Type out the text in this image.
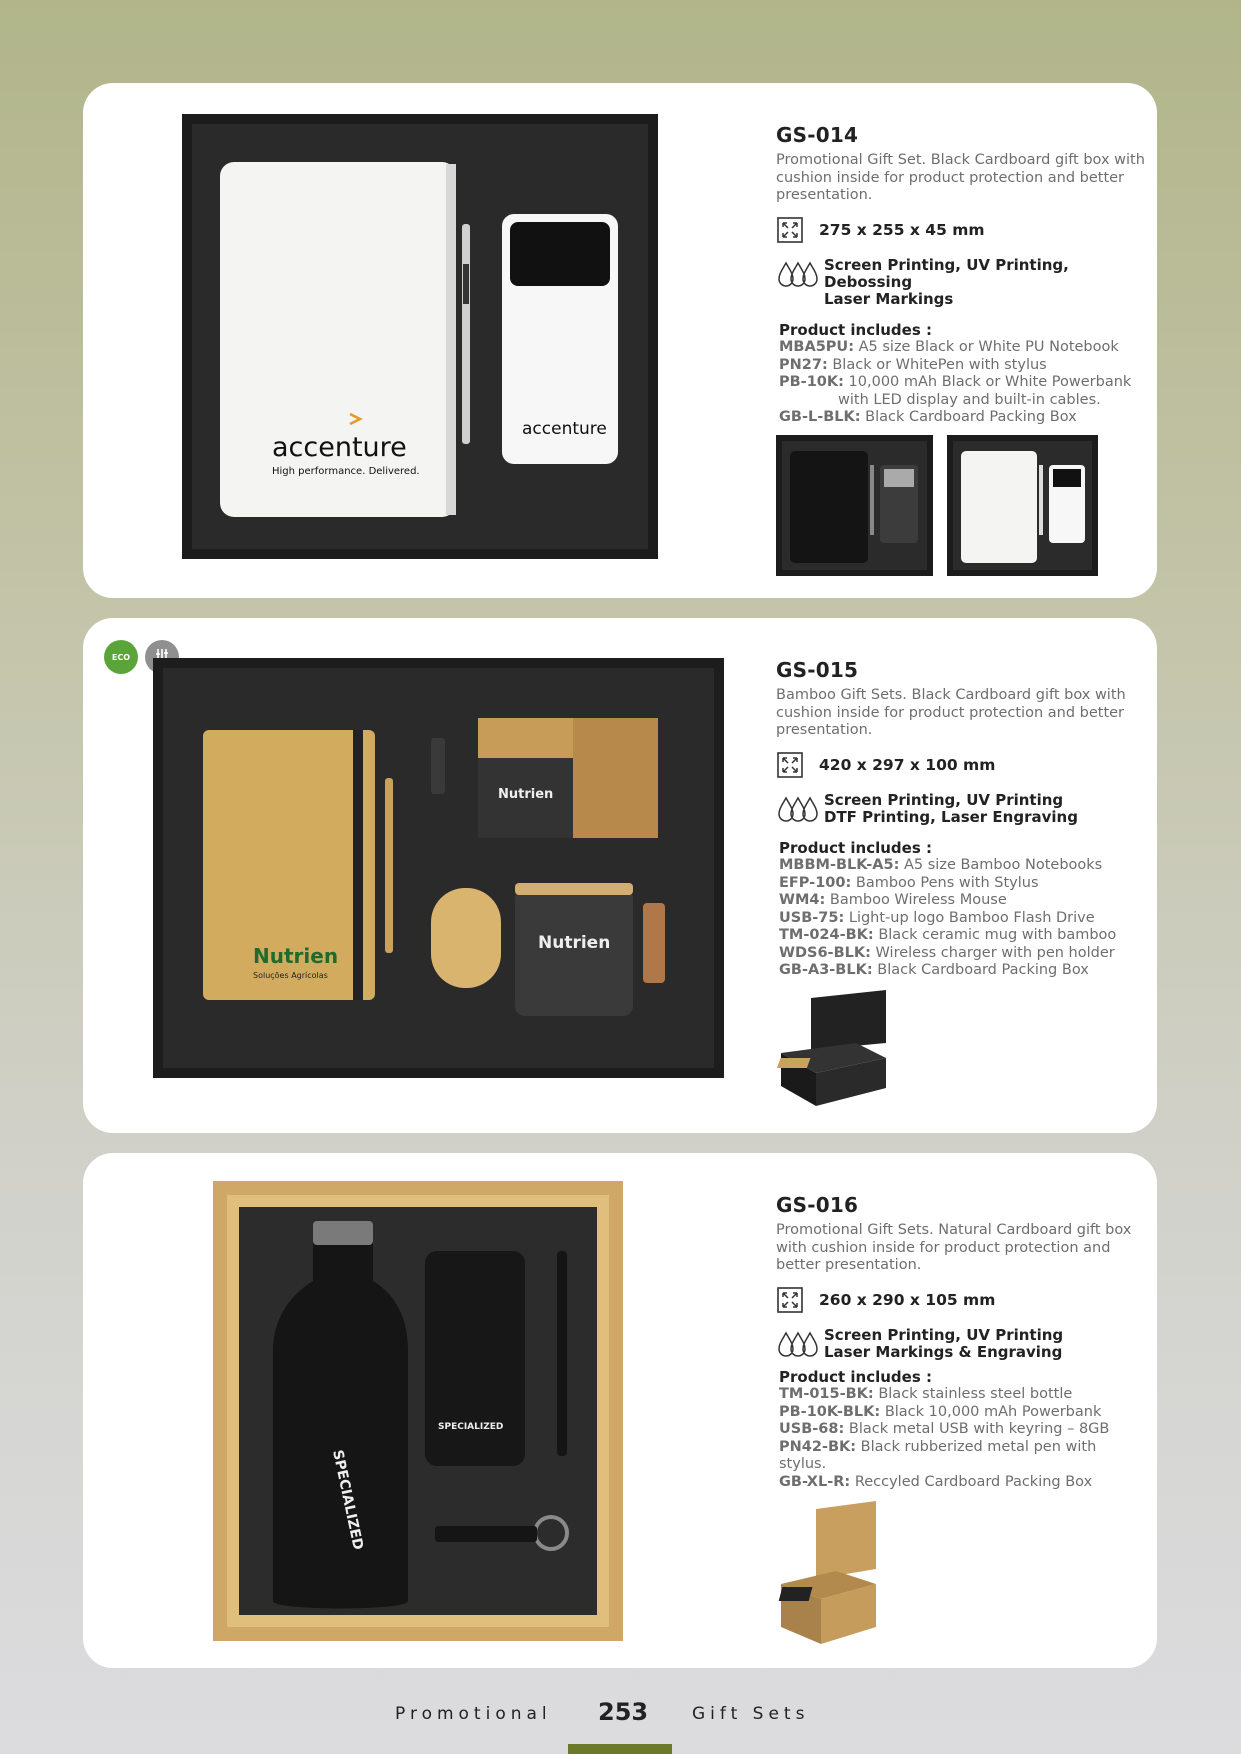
accenture
High performance. Delivered.
accenture
GS-014

Promotional Gift Set. Black Cardboard gift box with cushion inside for product protection and better presentation.

275 x 255 x 45 mm
Screen Printing, UV Printing, Debossing
Laser Markings
Product includes :
MBA5PU: A5 size Black or White PU Notebook
PN27: Black or WhitePen with stylus
PB-10K: 10,000 mAh Black or White Powerbank with LED display and built-in cables.
GB-L-BLK: Black Cardboard Packing Box
ECO
Nutrien
Soluções Agrícolas
Nutrien
Nutrien
GS-015

Bamboo Gift Sets. Black Cardboard gift box with cushion inside for product protection and better presentation.

420 x 297 x 100 mm
Screen Printing, UV Printing
DTF Printing, Laser Engraving
Product includes :
MBBM-BLK-A5: A5 size Bamboo Notebooks
EFP-100: Bamboo Pens with Stylus
WM4: Bamboo Wireless Mouse
USB-75: Light-up logo Bamboo Flash Drive
TM-024-BK: Black ceramic mug with bamboo
WDS6-BLK: Wireless charger with pen holder
GB-A3-BLK: Black Cardboard Packing Box
SPECIALIZED
SPECIALIZED
GS-016

Promotional Gift Sets. Natural Cardboard gift box with cushion inside for product protection and better presentation.

260 x 290 x 105 mm
Screen Printing, UV Printing
Laser Markings & Engraving
Product includes :
TM-015-BK: Black stainless steel bottle
PB-10K-BLK: Black 10,000 mAh Powerbank
USB-68: Black metal USB with keyring – 8GB
PN42-BK: Black rubberized metal pen with stylus.
GB-XL-R: Reccyled Cardboard Packing Box
Promotional 253	Gift Sets
